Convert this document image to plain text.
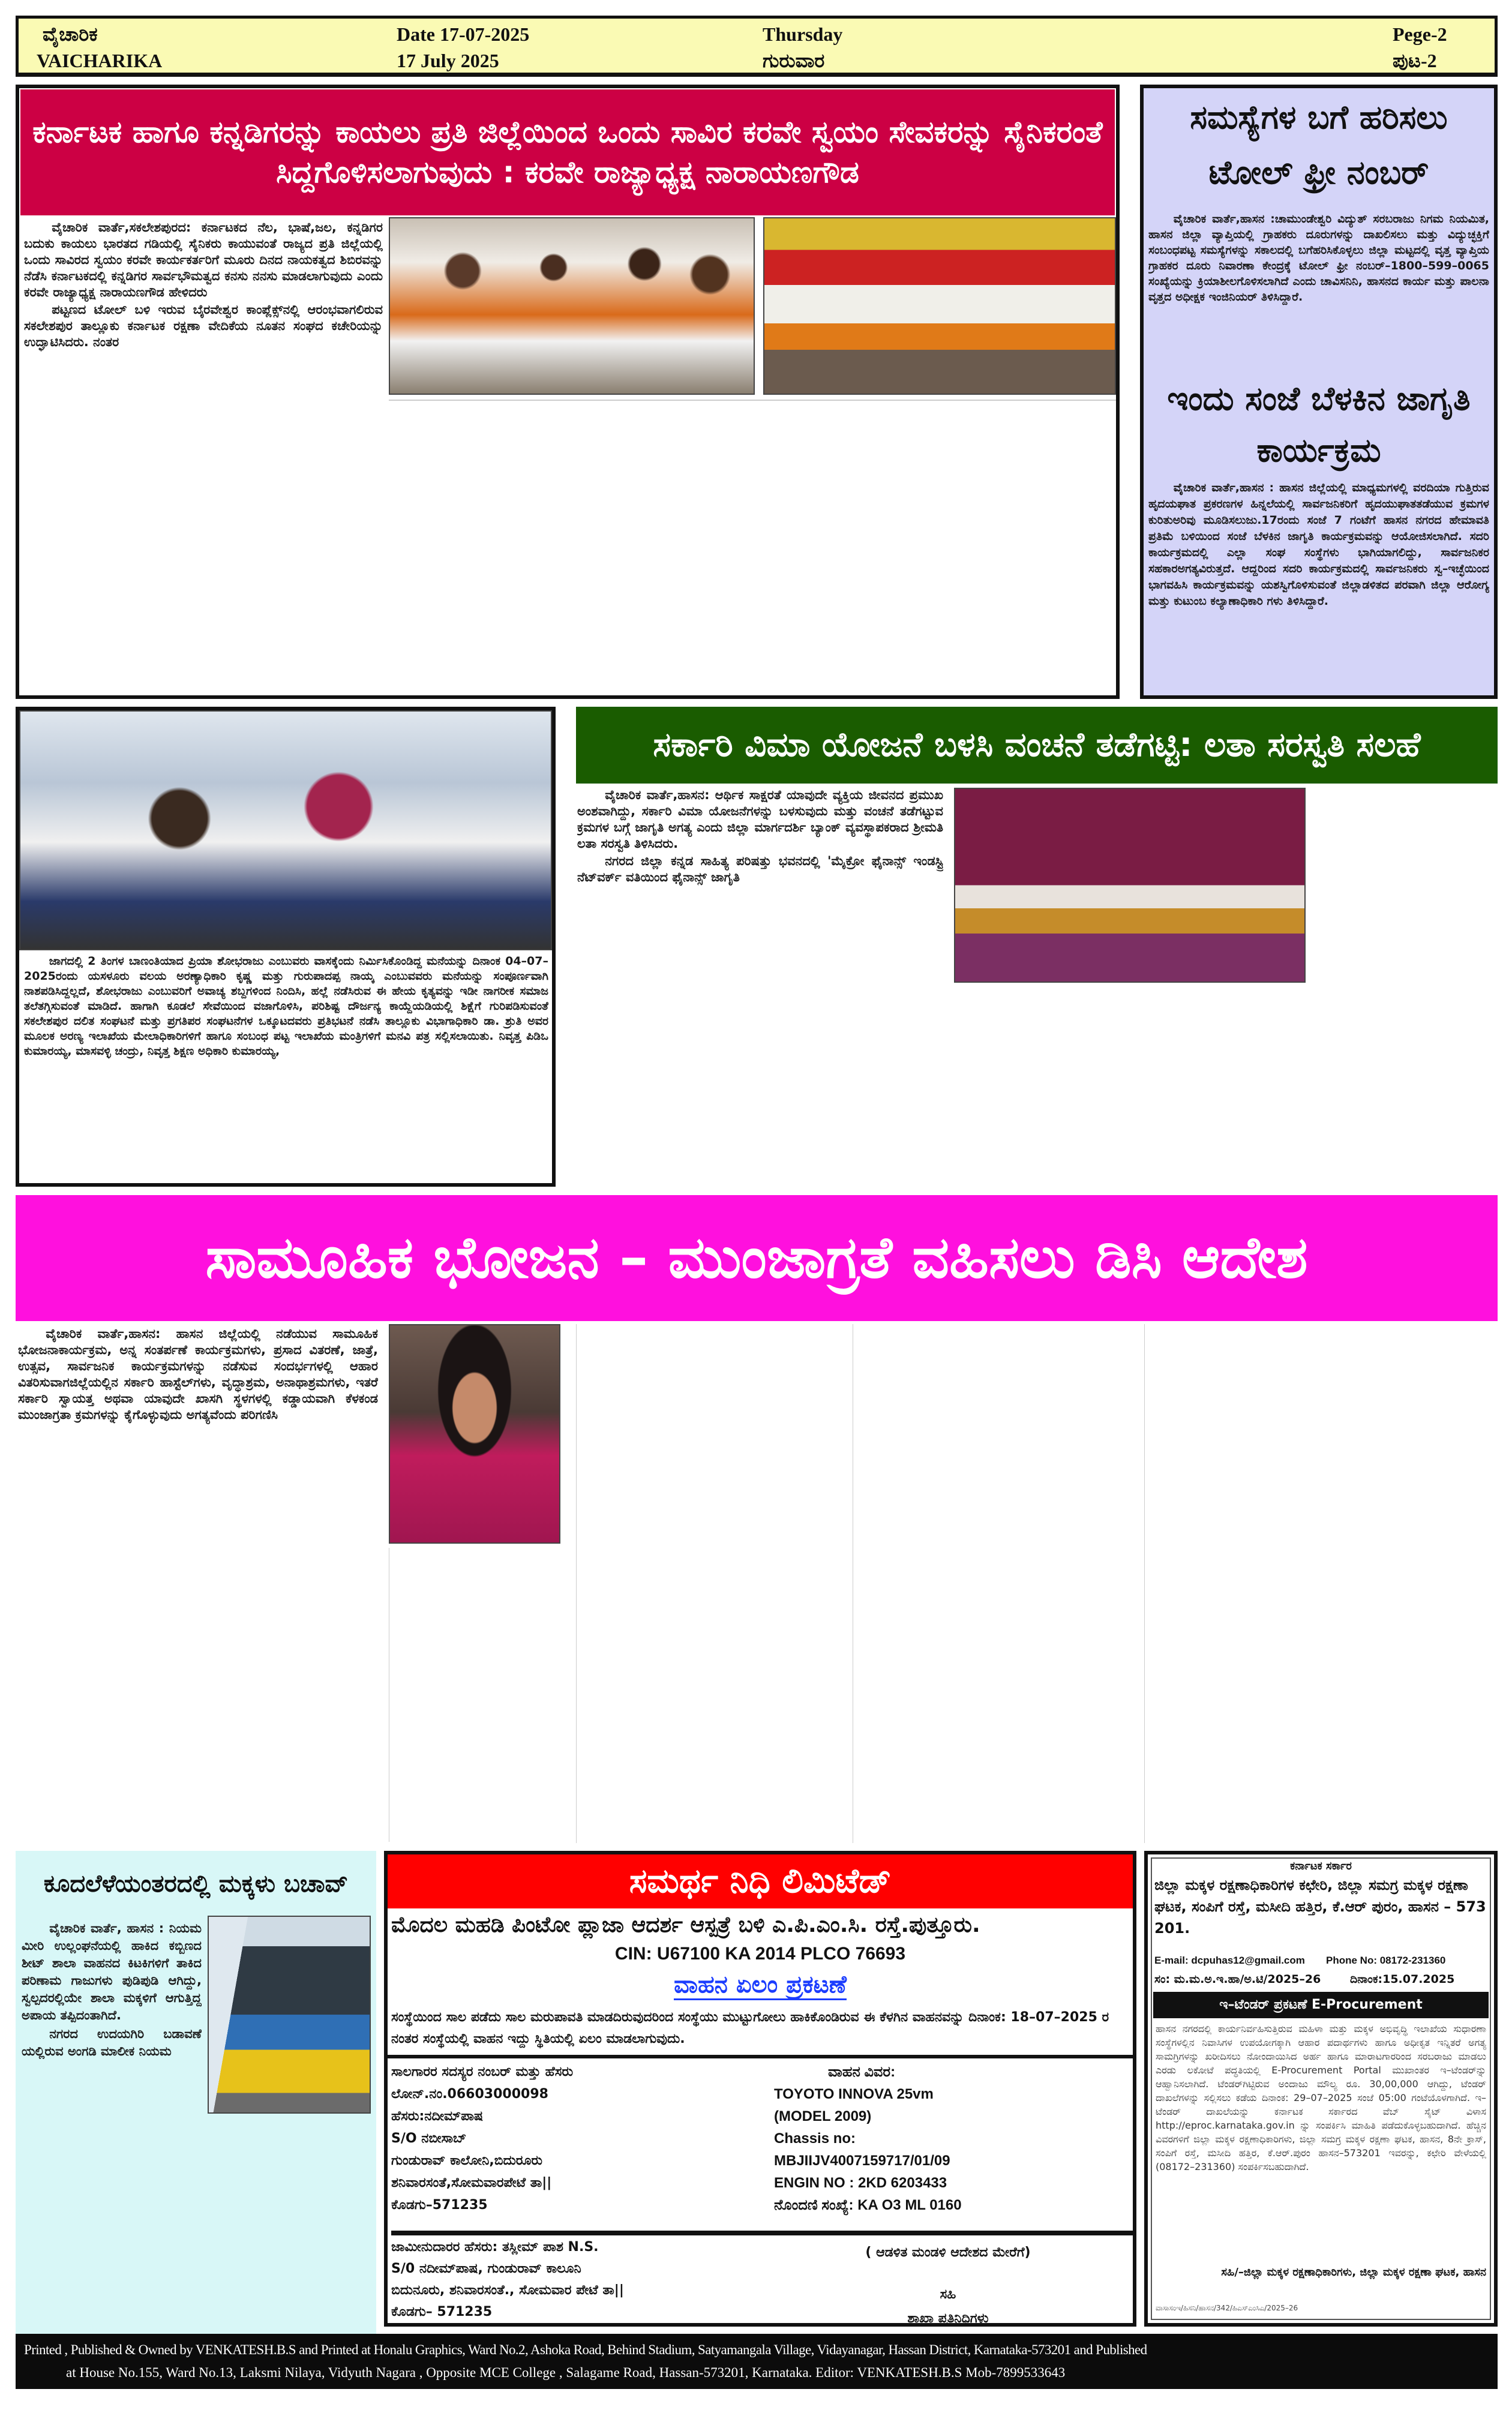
ವೈಚಾರಿಕ
VAICHARIKA
Date 17-07-2025
17 July 2025
Thursday
ಗುರುವಾರ
Pege-2
ಪುಟ-2
ಕರ್ನಾಟಕ ಹಾಗೂ ಕನ್ನಡಿಗರನ್ನು ಕಾಯಲು ಪ್ರತಿ ಜಿಲ್ಲೆಯಿಂದ ಒಂದು ಸಾವಿರ ಕರವೇ ಸ್ವಯಂ ಸೇವಕರನ್ನು ಸೈನಿಕರಂತೆ ಸಿದ್ದಗೊಳಿಸಲಾಗುವುದು : ಕರವೇ ರಾಜ್ಯಾಧ್ಯಕ್ಷ ನಾರಾಯಣಗೌಡ

ವೈಚಾರಿಕ ವಾರ್ತೆ,ಸಕಲೇಶಪುರದ: ಕರ್ನಾಟಕದ ನೆಲ, ಭಾಷೆ,ಜಲ, ಕನ್ನಡಿಗರ ಬದುಕು ಕಾಯಲು ಭಾರತದ ಗಡಿಯಲ್ಲಿ ಸೈನಿಕರು ಕಾಯುವಂತೆ ರಾಜ್ಯದ ಪ್ರತಿ ಜಿಲ್ಲೆಯಲ್ಲಿ ಒಂದು ಸಾವಿರದ ಸ್ವಯಂ ಕರವೇ ಕಾರ್ಯಕರ್ತರಿಗೆ ಮೂರು ದಿನದ ನಾಯಕತ್ವದ ಶಿಬಿರವನ್ನು ನೆಡೆಸಿ ಕರ್ನಾಟಕದಲ್ಲಿ ಕನ್ನಡಿಗರ ಸಾರ್ವಭೌಮತ್ವದ ಕನಸು ನನಸು ಮಾಡಲಾಗುವುದು ಎಂದು ಕರವೇ ರಾಜ್ಯಾಧ್ಯಕ್ಷ ನಾರಾಯಣಗೌಡ ಹೇಳಿದರು

ಪಟ್ಟಣದ ಟೋಲ್ ಬಳಿ ಇರುವ ಬೈರವೇಶ್ವರ ಕಾಂಪ್ಲೆಕ್ಸ್‌ನಲ್ಲಿ ಆರಂಭವಾಗಲಿರುವ ಸಕಲೇಶಪುರ ತಾಲ್ಲೂಕು ಕರ್ನಾಟಕ ರಕ್ಷಣಾ ವೇದಿಕೆಯ ನೂತನ ಸಂಘದ ಕಚೇರಿಯನ್ನು ಉದ್ಘಾಟಿಸಿದರು. ನಂತರ

ಸಮಸ್ಯೆಗಳ ಬಗೆ ಹರಿಸಲು ಟೋಲ್ ಫ್ರೀ ನಂಬರ್

ವೈಚಾರಿಕ ವಾರ್ತೆ,ಹಾಸನ :ಚಾಮುಂಡೇಶ್ವರಿ ವಿದ್ಯುತ್ ಸರಬರಾಜು ನಿಗಮ ನಿಯಮಿತ, ಹಾಸನ ಜಿಲ್ಲಾ ವ್ಯಾಪ್ತಿಯಲ್ಲಿ ಗ್ರಾಹಕರು ದೂರುಗಳನ್ನು ದಾಖಲಿಸಲು ಮತ್ತು ವಿದ್ಯುಚ್ಛಕ್ತಿಗೆ ಸಂಬಂಧಪಟ್ಟ ಸಮಸ್ಯೆಗಳನ್ನು ಸಕಾಲದಲ್ಲಿ ಬಗೆಹರಿಸಿಕೊಳ್ಳಲು ಜಿಲ್ಲಾ ಮಟ್ಟದಲ್ಲಿ ವೃತ್ತ ವ್ಯಾಪ್ತಿಯ ಗ್ರಾಹಕರ ದೂರು ನಿವಾರಣಾ ಕೇಂದ್ರಕ್ಕೆ ಟೋಲ್ ಫ್ರೀ ನಂಬರ್–1800–599–0065 ಸಂಖ್ಯೆಯನ್ನು ಕ್ರಿಯಾಶೀಲಗೊಳಿಸಲಾಗಿದೆ ಎಂದು ಚಾವಿಸನಿನಿ, ಹಾಸನದ ಕಾರ್ಯ ಮತ್ತು ಪಾಲನಾ ವೃತ್ತದ ಅಧೀಕ್ಷಕ ಇಂಜಿನಿಯರ್ ತಿಳಿಸಿದ್ದಾರೆ.

ಇಂದು ಸಂಜೆ ಬೆಳಕಿನ ಜಾಗೃತಿ ಕಾರ್ಯಕ್ರಮ

ವೈಚಾರಿಕ ವಾರ್ತೆ,ಹಾಸನ : ಹಾಸನ ಜಿಲ್ಲೆಯಲ್ಲಿ ಮಾಧ್ಯಮಗಳಲ್ಲಿ ವರದಿಯಾ ಗುತ್ತಿರುವ ಹೃದಯಘಾತ ಪ್ರಕರಣಗಳ ಹಿನ್ನಲೆಯಲ್ಲಿ ಸಾರ್ವಜನಿಕರಿಗೆ ಹೃದಯುಘಾತತಡೆಯುವ ಕ್ರಮಗಳ ಕುರಿತುಅರಿವು ಮೂಡಿಸಲುಜು.17ರಂದು ಸಂಜೆ 7 ಗಂಟೆಗೆ ಹಾಸನ ನಗರದ ಹೇಮಾವತಿ ಪ್ರತಿಮೆ ಬಳಿಯಿಂದ ಸಂಜೆ ಬೆಳಕಿನ ಜಾಗೃತಿ ಕಾರ್ಯಕ್ರಮವನ್ನು ಆಯೋಜಿಸಲಾಗಿದೆ. ಸದರಿ ಕಾರ್ಯಕ್ರಮದಲ್ಲಿ ಎಲ್ಲಾ ಸಂಘ ಸಂಸ್ಥೆಗಳು ಭಾಗಿಯಾಗಲಿದ್ದು, ಸಾರ್ವಜನಿಕರ ಸಹಕಾರಅಗತ್ಯವಿರುತ್ತದೆ. ಆದ್ದರಿಂದ ಸದರಿ ಕಾರ್ಯಕ್ರಮದಲ್ಲಿ ಸಾರ್ವಜನಿಕರು ಸ್ವ–ಇಚ್ಛೆಯಿಂದ ಭಾಗವಹಿಸಿ ಕಾರ್ಯಕ್ರಮವನ್ನು ಯಶಸ್ವಿಗೊಳಿಸುವಂತೆ ಜಿಲ್ಲಾಡಳಿತದ ಪರವಾಗಿ ಜಿಲ್ಲಾ ಆರೋಗ್ಯ ಮತ್ತು ಕುಟುಂಬ ಕಲ್ಯಾಣಾಧಿಕಾರಿ ಗಳು ತಿಳಿಸಿದ್ದಾರೆ.

ಜಾಗದಲ್ಲಿ 2 ತಿಂಗಳ ಬಾಣಂತಿಯಾದ ಪ್ರಿಯಾ ಶೋಭರಾಜು ಎಂಬುವರು ವಾಸಕ್ಕೆಂದು ನಿರ್ಮಿಸಿಕೊಂಡಿದ್ದ ಮನೆಯನ್ನು ದಿನಾಂಕ 04–07–2025ರಂದು ಯಸಳೂರು ವಲಯ ಅರಣ್ಯಾಧಿಕಾರಿ ಕೃಷ್ಣ ಮತ್ತು ಗುರುಪಾದಪ್ಪ ನಾಯ್ಕ ಎಂಬುವವರು ಮನೆಯನ್ನು ಸಂಪೂರ್ಣವಾಗಿ ನಾಶಪಡಿಸಿದ್ದಲ್ಲದೆ, ಶೋಭರಾಜು ಎಂಬುವರಿಗೆ ಅವಾಚ್ಯ ಶಬ್ದಗಳಿಂದ ನಿಂದಿಸಿ, ಹಲ್ಲೆ ನಡೆಸಿರುವ ಈ ಹೇಯ ಕೃತ್ಯವನ್ನು ಇಡೀ ನಾಗರೀಕ ಸಮಾಜ ತಲೆತಗ್ಗಿಸುವಂತೆ ಮಾಡಿದೆ. ಹಾಗಾಗಿ ಕೂಡಲೆ ಸೇವೆಯಿಂದ ವಜಾಗೊಳಿಸಿ, ಪರಿಶಿಷ್ಟ ದೌರ್ಜನ್ಯ ಕಾಯ್ದೆಯಡಿಯಲ್ಲಿ ಶಿಕ್ಷೆಗೆ ಗುರಿಪಡಿಸುವಂತೆ ಸಕಲೇಶಪುರ ದಲಿತ ಸಂಘಟನೆ ಮತ್ತು ಪ್ರಗತಿಪರ ಸಂಘಟನೆಗಳ ಒಕ್ಕೂಟದವರು ಪ್ರತಿಭಟನೆ ನಡೆಸಿ ತಾಲ್ಲೂಕು ವಿಭಾಗಾಧಿಕಾರಿ ಡಾ. ಶ್ರುತಿ ಅವರ ಮೂಲಕ ಅರಣ್ಯ ಇಲಾಖೆಯ ಮೇಲಾಧಿಕಾರಿಗಳಿಗೆ ಹಾಗೂ ಸಂಬಂಧ ಪಟ್ಟ ಇಲಾಖೆಯ ಮಂತ್ರಿಗಳಿಗೆ ಮನವಿ ಪತ್ರ ಸಲ್ಲಿಸಲಾಯಿತು. ನಿವೃತ್ತ ಪಿಡಿಒ ಕುಮಾರಯ್ಯ, ಮಾಸವಳ್ಳಿ ಚಂದ್ರು, ನಿವೃತ್ತ ಶಿಕ್ಷಣ ಅಧಿಕಾರಿ ಕುಮಾರಯ್ಯ,

ಸರ್ಕಾರಿ ವಿಮಾ ಯೋಜನೆ ಬಳಸಿ ವಂಚನೆ ತಡೆಗಟ್ಟಿ: ಲತಾ ಸರಸ್ವತಿ ಸಲಹೆ

ವೈಚಾರಿಕ ವಾರ್ತೆ,ಹಾಸನ: ಆರ್ಥಿಕ ಸಾಕ್ಷರತೆ ಯಾವುದೇ ವ್ಯಕ್ತಿಯ ಜೀವನದ ಪ್ರಮುಖ ಅಂಶವಾಗಿದ್ದು, ಸರ್ಕಾರಿ ವಿಮಾ ಯೋಜನೆಗಳನ್ನು ಬಳಸುವುದು ಮತ್ತು ವಂಚನೆ ತಡೆಗಟ್ಟುವ ಕ್ರಮಗಳ ಬಗ್ಗೆ ಜಾಗೃತಿ ಅಗತ್ಯ ಎಂದು ಜಿಲ್ಲಾ ಮಾರ್ಗದರ್ಶಿ ಬ್ಯಾಂಕ್ ವ್ಯವಸ್ಥಾಪಕರಾದ ಶ್ರೀಮತಿ ಲತಾ ಸರಸ್ವತಿ ತಿಳಿಸಿದರು.

ನಗರದ ಜಿಲ್ಲಾ ಕನ್ನಡ ಸಾಹಿತ್ಯ ಪರಿಷತ್ತು ಭವನದಲ್ಲಿ 'ಮೈಕ್ರೋ ಫೈನಾನ್ಸ್ ಇಂಡಸ್ಟ್ರಿ ನೆಟ್‌ವರ್ಕ್ ವತಿಯಿಂದ ಫೈನಾನ್ಸ್ ಜಾಗೃತಿ

ಸಾಮೂಹಿಕ ಭೋಜನ – ಮುಂಜಾಗ್ರತೆ ವಹಿಸಲು ಡಿಸಿ ಆದೇಶ

ವೈಚಾರಿಕ ವಾರ್ತೆ,ಹಾಸನ: ಹಾಸನ ಜಿಲ್ಲೆಯಲ್ಲಿ ನಡೆಯುವ ಸಾಮೂಹಿಕ ಭೋಜನಾಕಾರ್ಯಕ್ರಮ, ಅನ್ನ ಸಂತರ್ಪಣೆ ಕಾರ್ಯಕ್ರಮಗಳು, ಪ್ರಸಾದ ವಿತರಣೆ, ಜಾತ್ರೆ, ಉತ್ಸವ, ಸಾರ್ವಜನಿಕ ಕಾರ್ಯಕ್ರಮಗಳನ್ನು ನಡೆಸುವ ಸಂದರ್ಭಗಳಲ್ಲಿ ಆಹಾರ ವಿತರಿಸುವಾಗಜಿಲ್ಲೆಯಲ್ಲಿನ ಸರ್ಕಾರಿ ಹಾಸ್ಟೆಲ್‌ಗಳು, ವೃದ್ಧಾಶ್ರಮ, ಅನಾಥಾಶ್ರಮಗಳು, ಇತರೆ ಸರ್ಕಾರಿ ಸ್ವಾಯತ್ತ ಅಥವಾ ಯಾವುದೇ ಖಾಸಗಿ ಸ್ಥಳಗಳಲ್ಲಿ ಕಡ್ಡಾಯವಾಗಿ ಕೆಳಕಂಡ ಮುಂಜಾಗ್ರತಾ ಕ್ರಮಗಳನ್ನು ಕೈಗೊಳ್ಳುವುದು ಅಗತ್ಯವೆಂದು ಪರಿಗಣಿಸಿ

ಕೂದಲೆಳೆಯಂತರದಲ್ಲಿ ಮಕ್ಕಳು ಬಚಾವ್

ವೈಚಾರಿಕ ವಾರ್ತೆ, ಹಾಸನ : ನಿಯಮ ಮೀರಿ ಉಲ್ಲಂಘನೆಯಲ್ಲಿ ಹಾಕಿದ ಕಬ್ಬಿಣದ ಶೀಟ್ ಶಾಲಾ ವಾಹನದ ಕಿಟಕಿಗಳಿಗೆ ತಾಕಿದ ಪರಿಣಾಮ ಗಾಜುಗಳು ಪುಡಿಪುಡಿ ಆಗಿದ್ದು, ಸ್ವಲ್ಪದರಲ್ಲಿಯೇ ಶಾಲಾ ಮಕ್ಕಳಿಗೆ ಆಗುತ್ತಿದ್ದ ಅಪಾಯ ತಪ್ಪಿದಂತಾಗಿದೆ.

ನಗರದ ಉದಯಗಿರಿ ಬಡಾವಣೆ ಯಲ್ಲಿರುವ ಅಂಗಡಿ ಮಾಲೀಕ ನಿಯಮ

ಸಮರ್ಥ ನಿಧಿ ಲಿಮಿಟೆಡ್
ಮೊದಲ ಮಹಡಿ ಪಿಂಟೋ ಪ್ಲಾಜಾ ಆದರ್ಶ ಆಸ್ಪತ್ರೆ ಬಳಿ ಎ.ಪಿ.ಎಂ.ಸಿ. ರಸ್ತೆ.ಪುತ್ತೂರು.
CIN: U67100 KA 2014 PLCO 76693
ವಾಹನ ಏಲಂ ಪ್ರಕಟಣೆ
ಸಂಸ್ಥೆಯಿಂದ ಸಾಲ ಪಡೆದು ಸಾಲ ಮರುಪಾವತಿ ಮಾಡದಿರುವುದರಿಂದ ಸಂಸ್ಥೆಯು ಮುಟ್ಟುಗೋಲು ಹಾಕಿಕೊಂಡಿರುವ ಈ ಕೆಳಗಿನ ವಾಹನವನ್ನು ದಿನಾಂಕ: 18–07–2025 ರ ನಂತರ ಸಂಸ್ಥೆಯಲ್ಲಿ ವಾಹನ ಇದ್ದು ಸ್ಥಿತಿಯಲ್ಲಿ ಏಲಂ ಮಾಡಲಾಗುವುದು.
ಸಾಲಗಾರರ ಸದಸ್ಯರ ನಂಬರ್ ಮತ್ತು ಹೆಸರು
ಲೋನ್.ನಂ.06603000098
ಹೆಸರು:ನದೀಮ್‌ಪಾಷ
S/O ನಬೀಸಾಬ್
ಗುಂಡುರಾವ್ ಕಾಲೋನಿ,ಬಿದುರೂರು
ಶನಿವಾರಸಂತೆ,ಸೋಮವಾರಪೇಟೆ ತಾ||
ಕೊಡಗು–571235
ವಾಹನ ವಿವರ:
TOYOTO INNOVA 25vm
(MODEL 2009)
Chassis no:
MBJIIJV4007159717/01/09
ENGIN NO : 2KD 6203433
ನೊಂದಣಿ ಸಂಖ್ಯೆ: KA O3 ML 0160
ಜಾಮೀನುದಾರರ ಹೆಸರು: ತಸ್ಲೀಮ್ ಪಾಶ N.S.
S/0 ನದೀಮ್‌ಪಾಷ, ಗುಂಡುರಾವ್ ಕಾಲೂನಿ
ಬಿದುನೂರು, ಶನಿವಾರಸಂತೆ., ಸೋಮವಾರ ಪೇಟೆ ತಾ||
ಕೊಡಗು– 571235
( ಆಡಳಿತ ಮಂಡಳಿ ಆದೇಶದ ಮೇರೆಗೆ)
ಸಹಿ
ಶಾಖಾ ಪ್ರತಿನಿಧಿಗಳು
ಕರ್ನಾಟಕ ಸರ್ಕಾರ
ಜಿಲ್ಲಾ ಮಕ್ಕಳ ರಕ್ಷಣಾಧಿಕಾರಿಗಳ ಕಛೇರಿ, ಜಿಲ್ಲಾ ಸಮಗ್ರ ಮಕ್ಕಳ ರಕ್ಷಣಾ ಘಟಕ, ಸಂಪಿಗೆ ರಸ್ತೆ, ಮಸೀದಿ ಹತ್ತಿರ, ಕೆ.ಆರ್ ಪುರಂ, ಹಾಸನ – 573 201.
E-mail: dcpuhas12@gmail.com Phone No: 08172-231360
ಸಂ: ಮ.ಮ.ಅ.ಇ.ಹಾ/ಅ.ಟಿ/2025–26	ದಿನಾಂಕ:15.07.2025
ಇ–ಟೆಂಡರ್ ಪ್ರಕಟಣೆ E-Procurement
ಹಾಸನ ನಗರದಲ್ಲಿ ಕಾರ್ಯನಿರ್ವಹಿಸುತ್ತಿರುವ ಮಹಿಳಾ ಮತ್ತು ಮಕ್ಕಳ ಅಭಿವೃದ್ಧಿ ಇಲಾಖೆಯ ಸುಧಾರಣಾ ಸಂಸ್ಥೆಗಳಲ್ಲಿನ ನಿವಾಸಿಗಳ ಉಪಯೋಗಕ್ಕಾಗಿ ಆಹಾರ ಪದಾರ್ಥಗಳು ಹಾಗೂ ಅಧೀಕೃತ ಇನ್ನಿತರೆ ಅಗತ್ಯ ಸಾಮಗ್ರಿಗಳನ್ನು ಖರೀದಿಸಲು ನೋಂದಾಯಿಸಿದ ಅರ್ಹ ಹಾಗೂ ಮಾರಾಟಗಾರರಿಂದ ಸರಬರಾಜು ಮಾಡಲು ಎರಡು ಲಕೋಟೆ ಪದ್ಧತಿಯಲ್ಲಿ E-Procurement Portal ಮುಖಾಂತರ ಇ–ಟೆಂಡರ್‌ನ್ನು ಆಹ್ವಾನಿಸಲಾಗಿದೆ. ಟೆಂಡರ್‌ಗಿಟ್ಟಿರುವ ಅಂದಾಜು ಮೌಲ್ಯ ರೂ. 30,00,000 ಆಗಿದ್ದು, ಟೆಂಡರ್ ದಾಖಲೆಗಳನ್ನು ಸಲ್ಲಿಸಲು ಕಡೆಯ ದಿನಾಂಕ: 29–07–2025 ಸಂಜೆ 05:00 ಗಂಟೆಯೊಳಗಾಗಿದೆ. ಇ–ಟೆಂಡರ್ ದಾಖಲೆಯನ್ನು ಕರ್ನಾಟಕ ಸರ್ಕಾರದ ವೆಬ್ ಸೈಟ್ ವಿಳಾಸ http://eproc.karnataka.gov.in ನ್ನು ಸಂಪರ್ಕಿಸಿ ಮಾಹಿತಿ ಪಡೆದುಕೊಳ್ಳಬಹುದಾಗಿದೆ. ಹೆಚ್ಚಿನ ವಿವರಗಳಿಗೆ ಜಿಲ್ಲಾ ಮಕ್ಕಳ ರಕ್ಷಣಾಧಿಕಾರಿಗಳು, ಜಿಲ್ಲಾ ಸಮಗ್ರ ಮಕ್ಕಳ ರಕ್ಷಣಾ ಘಟಕ, ಹಾಸನ, 8ನೇ ಕ್ರಾಸ್, ಸಂಪಿಗೆ ರಸ್ತೆ, ಮಸೀದಿ ಹತ್ತಿರ, ಕೆ.ಆರ್.ಪುರಂ ಹಾಸನ–573201 ಇವರನ್ನು, ಕಛೇರಿ ವೇಳೆಯಲ್ಲಿ (08172–231360) ಸಂಪರ್ಕಿಸಬಹುದಾಗಿದೆ.
ಸಹಿ/–ಜಿಲ್ಲಾ ಮಕ್ಕಳ ರಕ್ಷಣಾಧಿಕಾರಿಗಳು, ಜಿಲ್ಲಾ ಮಕ್ಕಳ ರಕ್ಷಣಾ ಘಟಕ, ಹಾಸನ
ವಾಸಾಸಂಇ/ಹಿಸನಿ/ಹಾಸನ/342/ಹಿಎಸ್‌ಎಂಸಿಎ/2025–26
Printed , Published & Owned by VENKATESH.B.S and Printed at Honalu Graphics, Ward No.2, Ashoka Road, Behind Stadium, Satyamangala Village, Vidayanagar, Hassan District, Karnataka-573201 and Published
at House No.155, Ward No.13, Laksmi Nilaya, Vidyuth Nagara , Opposite MCE College , Salagame Road, Hassan-573201, Karnataka. Editor: VENKATESH.B.S Mob-7899533643
